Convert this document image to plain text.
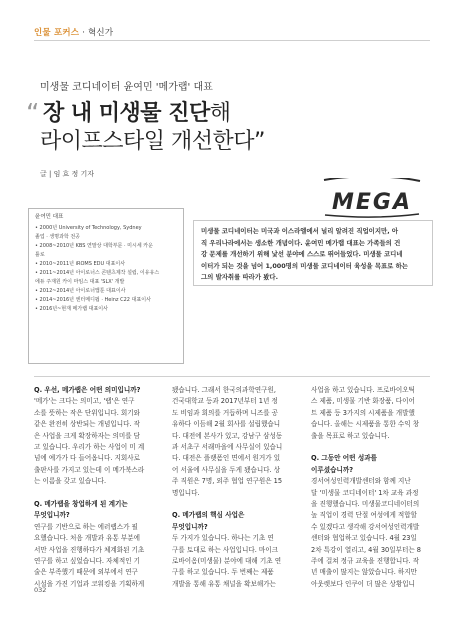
인물 포커스 · 혁신가
미생물 코디네이터 윤여민 '메가랩' 대표
“ 장 내 미생물 진단해
라이프스타일 개선한다”
글 | 임 효 정 기자
MEGA
윤여민 대표
• 2000년 University of Technology, Sydney
졸업 · 생명과학 전공
• 2008~2010년 KBS 연말상 대학부문 · 미시세 카운
틀로
• 2010~2011년 iROMS EDU 대표이사
• 2011~2014년 아이로너스 콘텐츠제작 설립, 이유유스
에듀 주재원 카이 마임스 대표 'SLX' 개발
• 2012~2014년 아이로너앱툰 대표이사
• 2014~2016년 엔터메디펍 · Heinz C22 대표이사
• 2016년~현재 메가랩 대표이사
미생물 코디네이터는 미국과 이스라엘에서 널리 알려진 직업이지만, 아
직 우리나라에서는 생소한 개념이다. 윤여민 메가랩 대표는 가족들의 건
강 문제를 개선하기 위해 낯선 분야에 스스로 뛰어들었다. 미생물 코디네
이터가 되는 것을 넘어 1,000명의 미생물 코디네이터 육성을 목표로 하는
그의 발자취를 따라가 봤다.
Q. 우선, 메가랩은 어떤 의미입니까?
'메가'는 크다는 의미고, '랩'은 연구
소를 뜻하는 작은 단위입니다. 회기와
같은 완전히 상반되는 개념입니다. 작
은 사업을 크게 확장하자는 의미를 담
고 있습니다. 우리가 하는 사업이 미 계
넘에 예가가 다 들어옵니다. 지회사로
출판사를 가지고 있는데 이 메가북스라
는 이름을 갖고 있습니다.
Q. 메가랩을 창업하게 된 계기는
무엇입니까?
연구를 기반으로 하는 에러랩스가 필
요했습니다. 처음 개발과 유통 부분에
서만 사업을 진행하다가 체계화된 기초
연구를 하고 싶었습니다. 자체적인 기
술은 부족했기 때문에 외부에서 연구
시설을 가진 기업과 코워킹을 기획하게
됐습니다. 그래서 한국의과학연구원,
건국대학교 등과 2017년부터 1년 정
도 비임과 회의를 거듭하며 니즈를 공
유하다 이듬해 2월 회사를 설립했습니
다. 대전에 본사가 있고, 강남구 삼성동
과 서초구 서래마을에 사무실이 있습니
다. 대전은 플랫폼인 면에서 원거가 있
어 서울에 사무실을 두게 됐습니다. 상
주 직원은 7명, 외주 협업 연구원은 15
명입니다.
Q. 메가랩의 핵심 사업은
무엇입니까?
두 가지가 있습니다. 하나는 기초 연
구를 토대로 하는 사업입니다. 마이크
로바이옴(미생물) 분야에 대해 기초 연
구를 하고 있습니다. 두 번째는 제품
개발을 통해 유통 채널을 확보해가는
사업을 하고 있습니다. 프로바이오틱
스 제품, 미생물 기반 화장품, 다이어
트 제품 등 3가지의 시제품을 개발했
습니다. 올해는 시제품을 통한 수익 창
출을 목표로 하고 있습니다.
Q. 그동안 어떤 성과를
이루셨습니까?
경서여성인력개발센터와 함께 지난
달 '미생물 코디네이터' 1차 교육 과정
을 진행했습니다. 미생물코디네이터의
높 직업이 경력 단절 여성에게 적합할
수 있겠다고 생각해 강서여성인력개발
센터와 협업하고 있습니다. 4월 23일
2차 특강이 열리고, 4월 30일부터는 8
주에 걸쳐 정규 교육을 진행합니다. 작
년 매출이 많지는 않았습니다. 하지만
아웃렛보다 인쿠이 더 많은 상황입니
032
